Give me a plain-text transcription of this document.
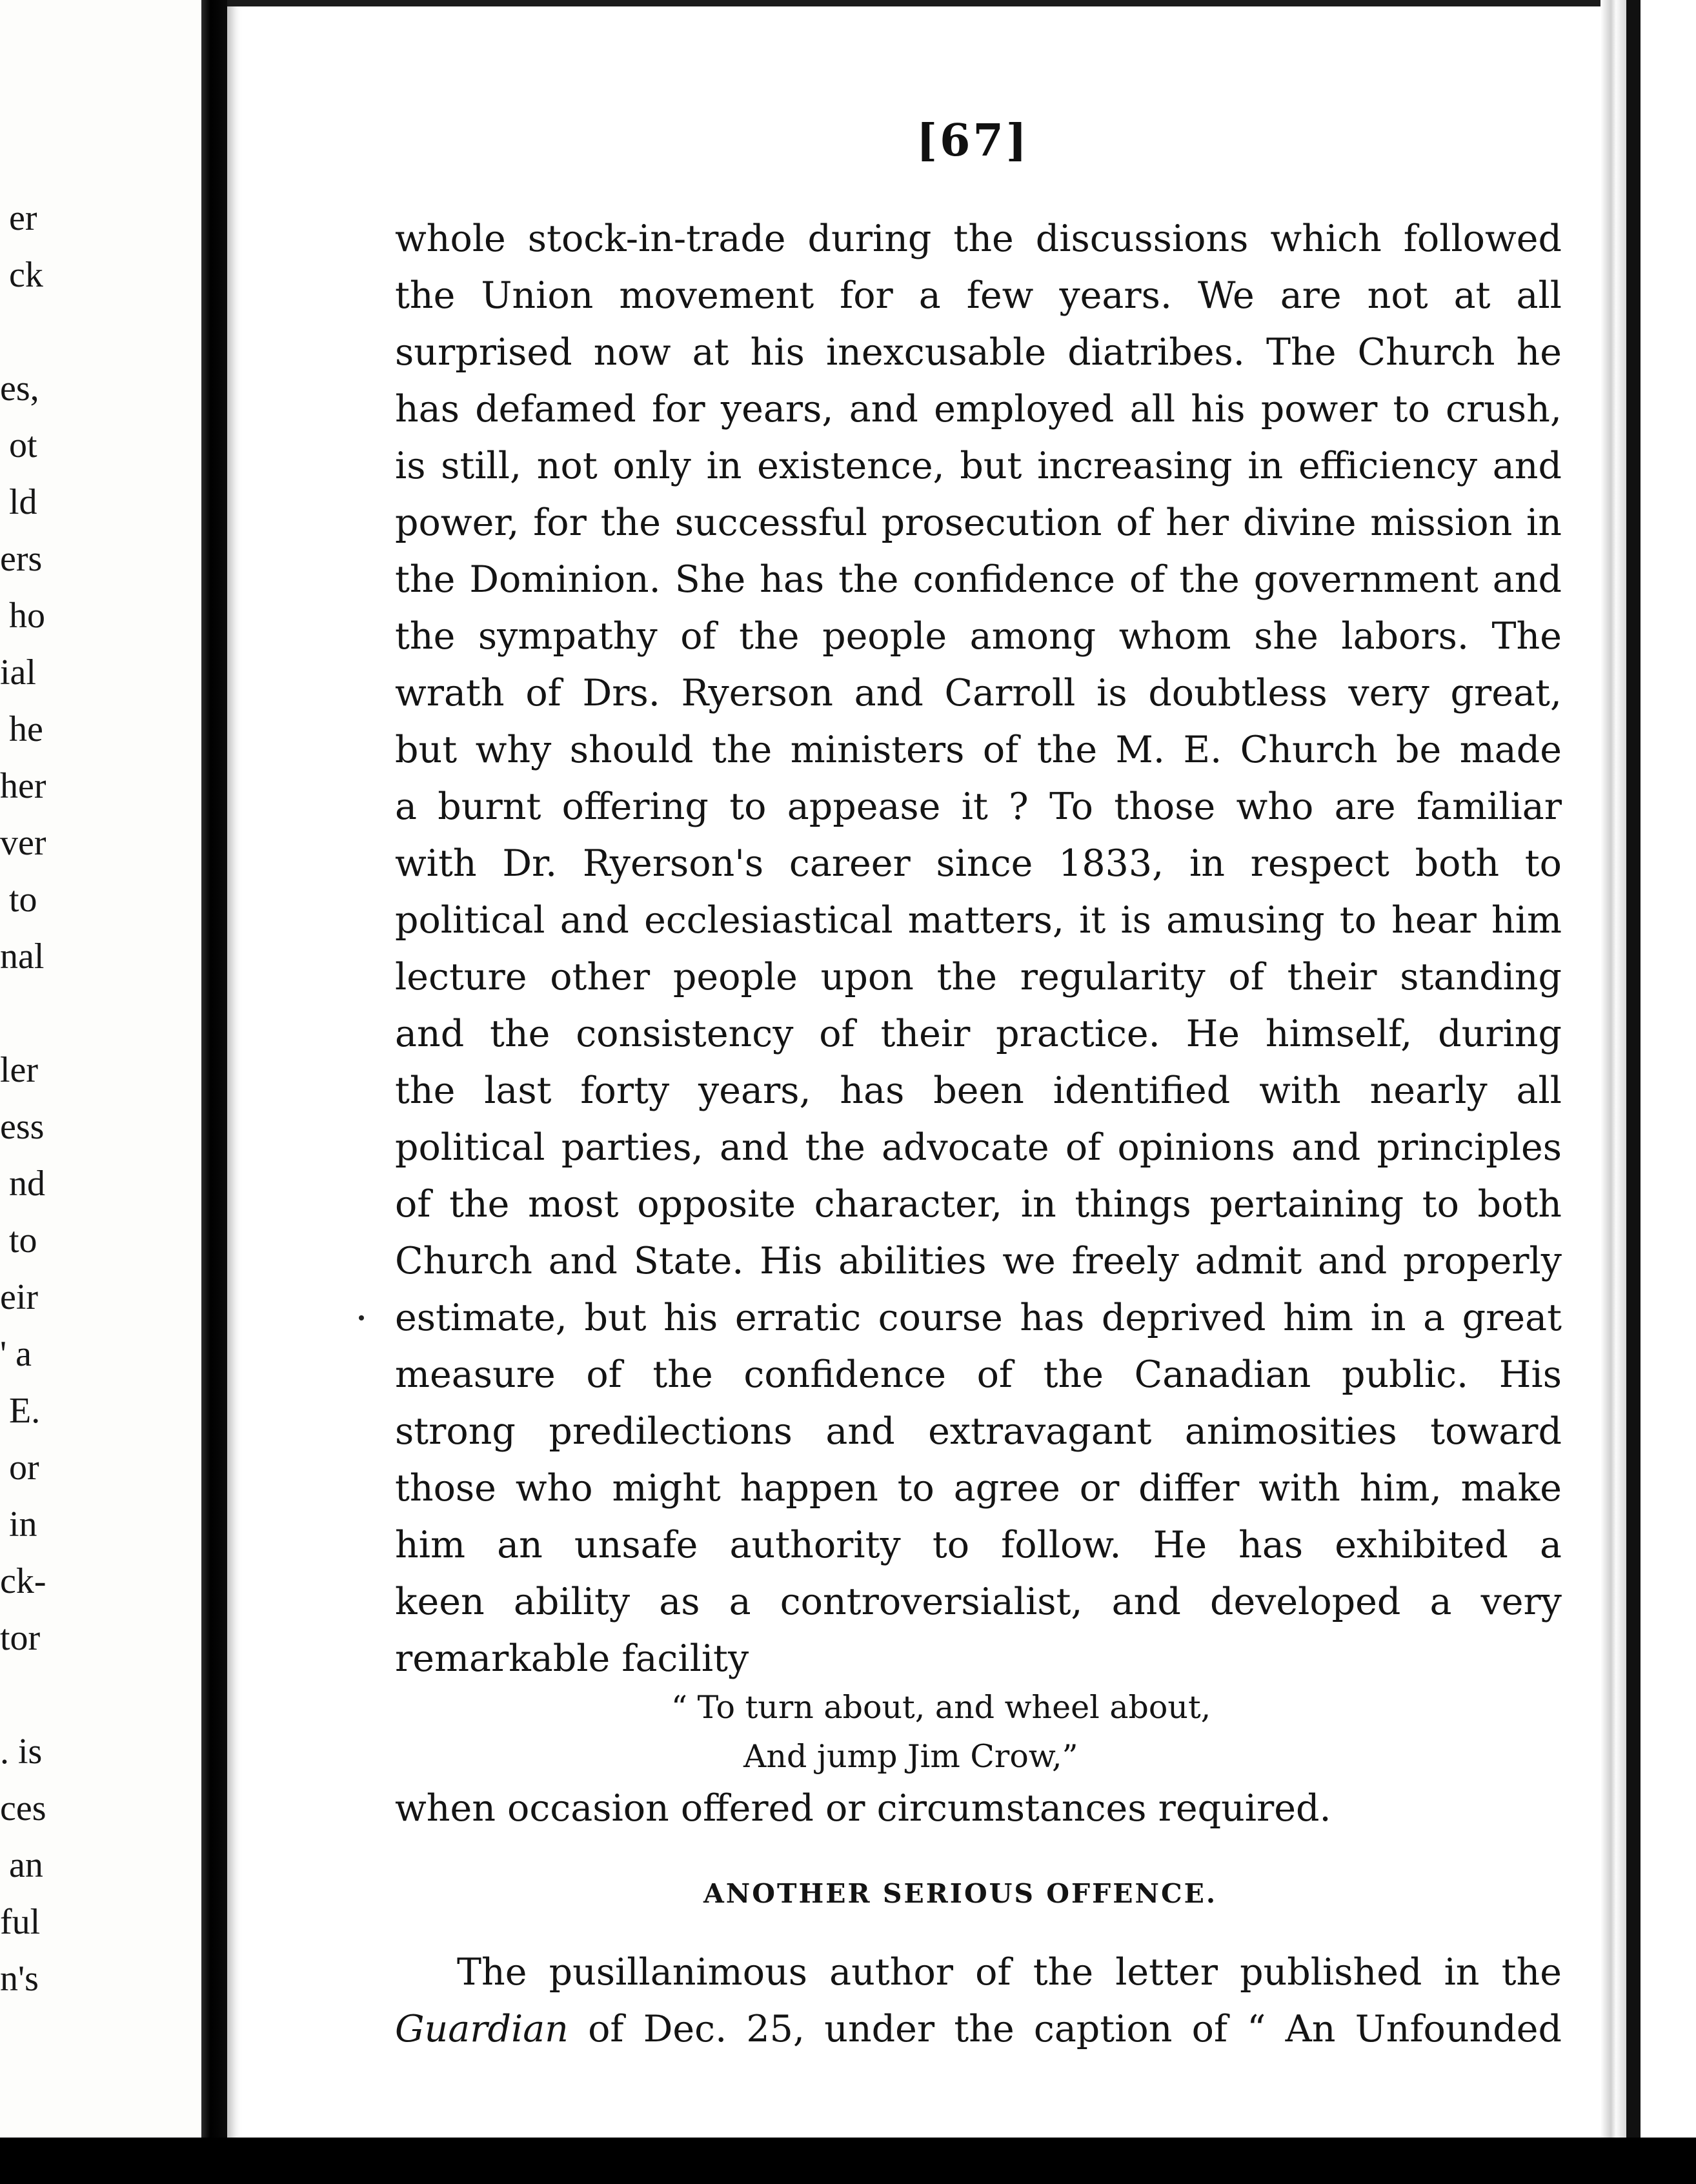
er
ck
es,
ot
ld
ers
ho
ial
he
her
ver
to
nal
ler
ess
nd
to
eir
' a
E.
or
in
ck-
tor
. is
ces
an
ful
n's
[67]
whole stock-in-trade during the discussions which followed
the Union movement for a few years. We are not at all
surprised now at his inexcusable diatribes. The Church he
has defamed for years, and employed all his power to crush,
is still, not only in existence, but increasing in efficiency and
power, for the successful prosecution of her divine mission in
the Dominion. She has the confidence of the government and
the sympathy of the people among whom she labors. The
wrath of Drs. Ryerson and Carroll is doubtless very great,
but why should the ministers of the M. E. Church be made
a burnt offering to appease it ? To those who are familiar
with Dr. Ryerson's career since 1833, in respect both to
political and ecclesiastical matters, it is amusing to hear him
lecture other people upon the regularity of their standing
and the consistency of their practice. He himself, during
the last forty years, has been identified with nearly all
political parties, and the advocate of opinions and principles
of the most opposite character, in things pertaining to both
Church and State. His abilities we freely admit and properly
estimate, but his erratic course has deprived him in a great
measure of the confidence of the Canadian public. His
strong predilections and extravagant animosities toward
those who might happen to agree or differ with him, make
him an unsafe authority to follow. He has exhibited a
keen ability as a controversialist, and developed a very
remarkable facility
“ To turn about, and wheel about,
And jump Jim Crow,”
when occasion offered or circumstances required.
ANOTHER SERIOUS OFFENCE.
The pusillanimous author of the letter published in the
Guardian of Dec. 25, under the caption of “ An Unfounded
